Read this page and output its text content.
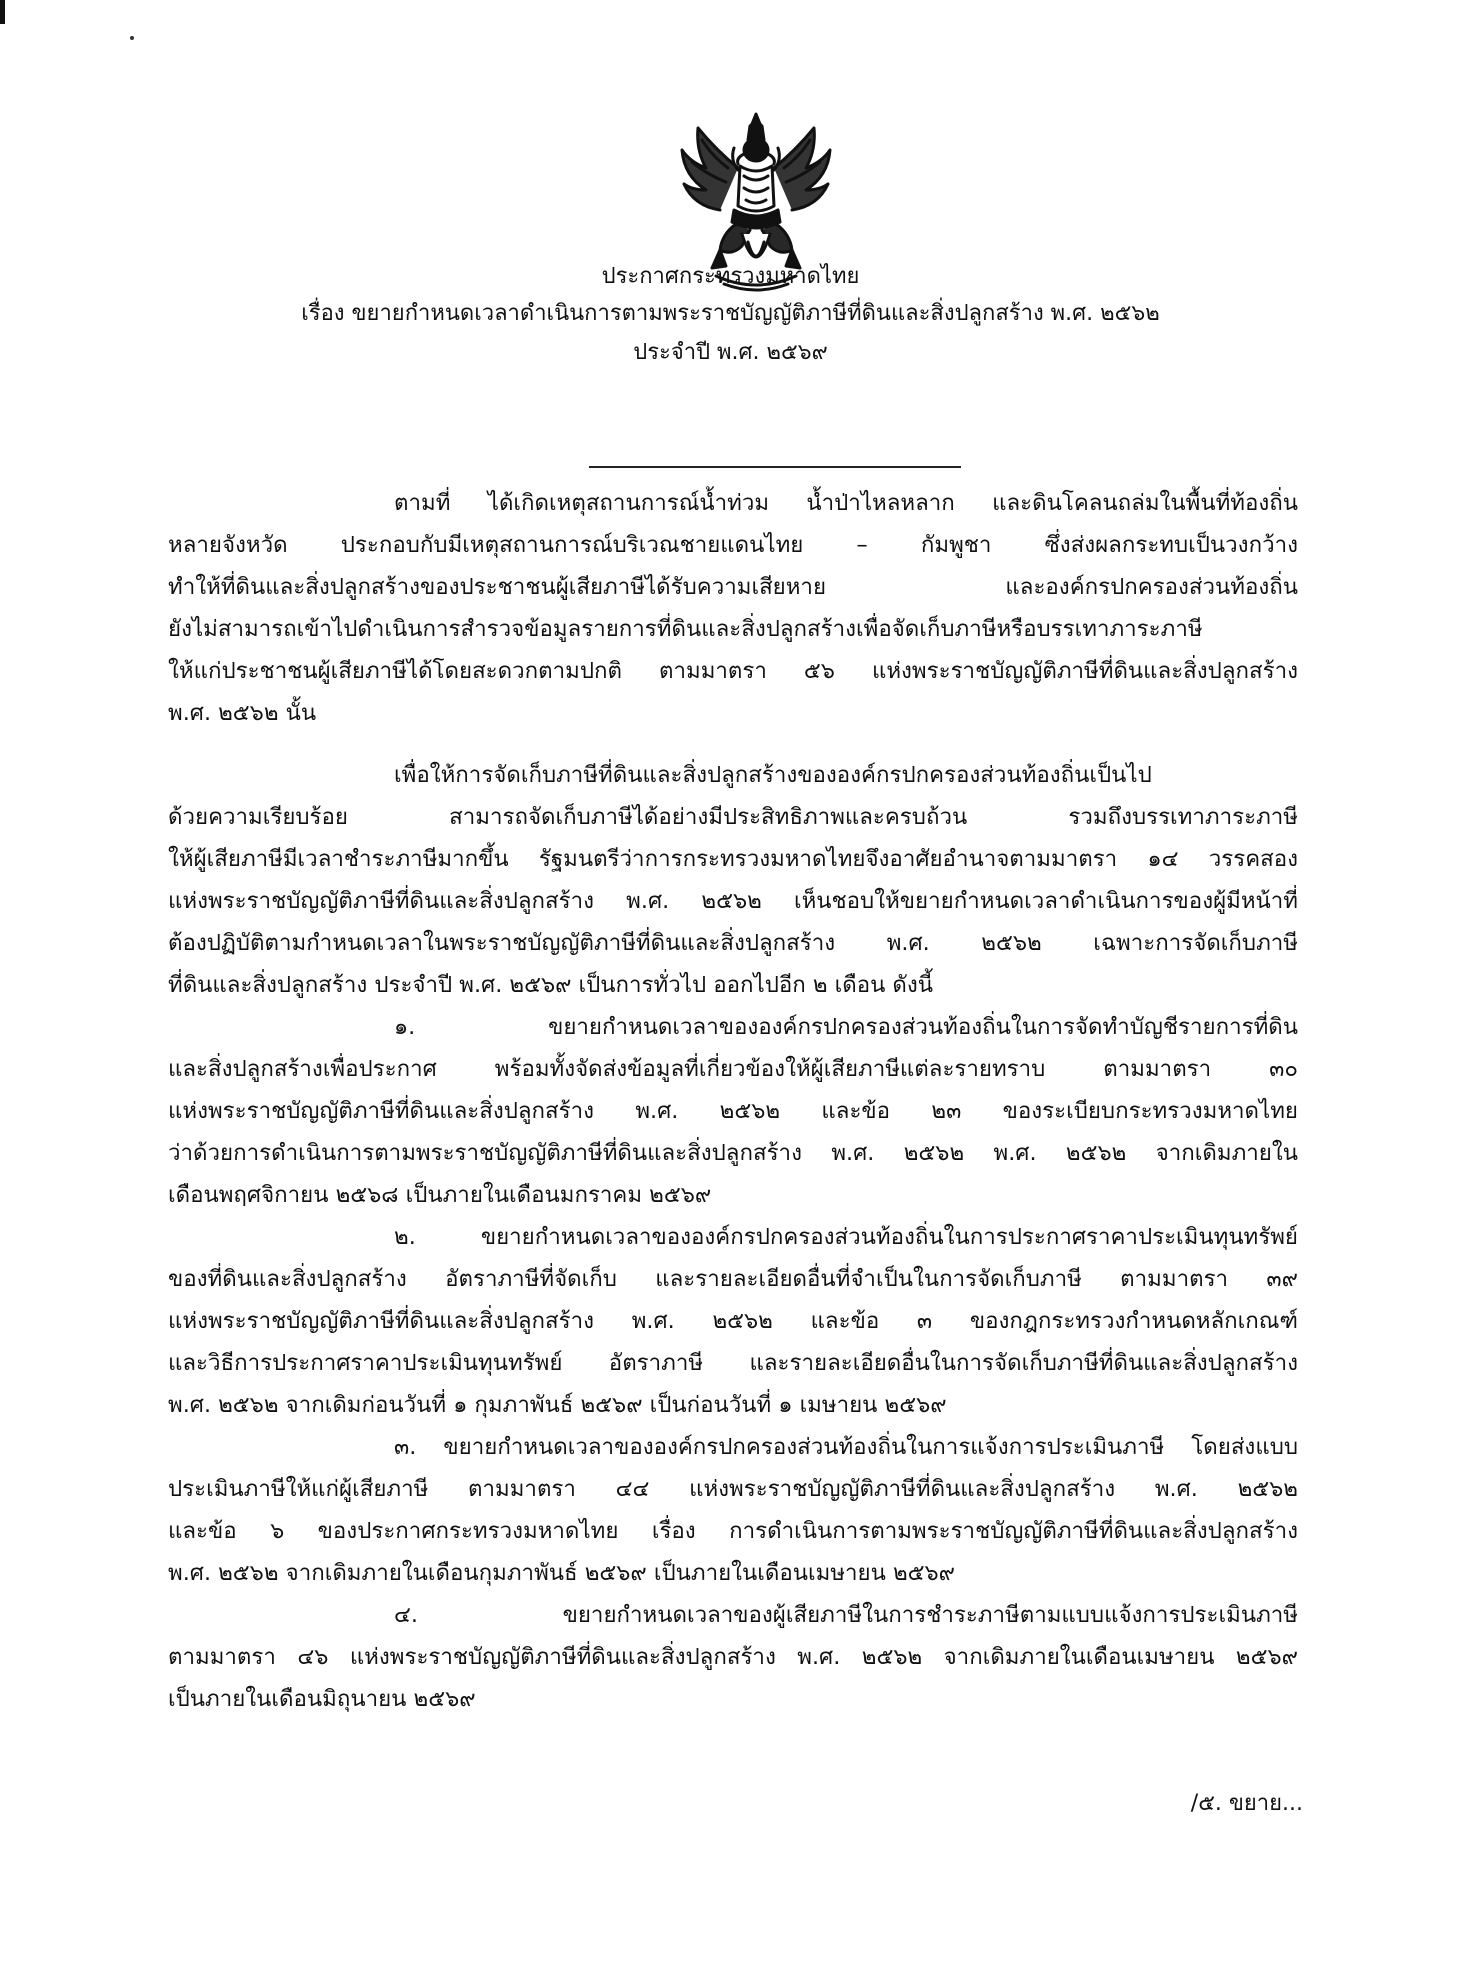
ประกาศกระทรวงมหาดไทย
เรื่อง ขยายกำหนดเวลาดำเนินการตามพระราชบัญญัติภาษีที่ดินและสิ่งปลูกสร้าง พ.ศ. ๒๕๖๒
ประจำปี พ.ศ. ๒๕๖๙
ตามที่ ได้เกิดเหตุสถานการณ์น้ำท่วม น้ำป่าไหลหลาก และดินโคลนถล่มในพื้นที่ท้องถิ่น
หลายจังหวัด ประกอบกับมีเหตุสถานการณ์บริเวณชายแดนไทย – กัมพูชา ซึ่งส่งผลกระทบเป็นวงกว้าง
ทำให้ที่ดินและสิ่งปลูกสร้างของประชาชนผู้เสียภาษีได้รับความเสียหาย และองค์กรปกครองส่วนท้องถิ่น
ยังไม่สามารถเข้าไปดำเนินการสำรวจข้อมูลรายการที่ดินและสิ่งปลูกสร้างเพื่อจัดเก็บภาษีหรือบรรเทาภาระภาษี
ให้แก่ประชาชนผู้เสียภาษีได้โดยสะดวกตามปกติ ตามมาตรา ๕๖ แห่งพระราชบัญญัติภาษีที่ดินและสิ่งปลูกสร้าง
พ.ศ. ๒๕๖๒ นั้น
เพื่อให้การจัดเก็บภาษีที่ดินและสิ่งปลูกสร้างขององค์กรปกครองส่วนท้องถิ่นเป็นไป
ด้วยความเรียบร้อย สามารถจัดเก็บภาษีได้อย่างมีประสิทธิภาพและครบถ้วน รวมถึงบรรเทาภาระภาษี
ให้ผู้เสียภาษีมีเวลาชำระภาษีมากขึ้น รัฐมนตรีว่าการกระทรวงมหาดไทยจึงอาศัยอำนาจตามมาตรา ๑๔ วรรคสอง
แห่งพระราชบัญญัติภาษีที่ดินและสิ่งปลูกสร้าง พ.ศ. ๒๕๖๒ เห็นชอบให้ขยายกำหนดเวลาดำเนินการของผู้มีหน้าที่
ต้องปฏิบัติตามกำหนดเวลาในพระราชบัญญัติภาษีที่ดินและสิ่งปลูกสร้าง พ.ศ. ๒๕๖๒ เฉพาะการจัดเก็บภาษี
ที่ดินและสิ่งปลูกสร้าง ประจำปี พ.ศ. ๒๕๖๙ เป็นการทั่วไป ออกไปอีก ๒ เดือน ดังนี้
๑. ขยายกำหนดเวลาขององค์กรปกครองส่วนท้องถิ่นในการจัดทำบัญชีรายการที่ดิน
และสิ่งปลูกสร้างเพื่อประกาศ พร้อมทั้งจัดส่งข้อมูลที่เกี่ยวข้องให้ผู้เสียภาษีแต่ละรายทราบ ตามมาตรา ๓๐
แห่งพระราชบัญญัติภาษีที่ดินและสิ่งปลูกสร้าง พ.ศ. ๒๕๖๒ และข้อ ๒๓ ของระเบียบกระทรวงมหาดไทย
ว่าด้วยการดำเนินการตามพระราชบัญญัติภาษีที่ดินและสิ่งปลูกสร้าง พ.ศ. ๒๕๖๒ พ.ศ. ๒๕๖๒ จากเดิมภายใน
เดือนพฤศจิกายน ๒๕๖๘ เป็นภายในเดือนมกราคม ๒๕๖๙
๒. ขยายกำหนดเวลาขององค์กรปกครองส่วนท้องถิ่นในการประกาศราคาประเมินทุนทรัพย์
ของที่ดินและสิ่งปลูกสร้าง อัตราภาษีที่จัดเก็บ และรายละเอียดอื่นที่จำเป็นในการจัดเก็บภาษี ตามมาตรา ๓๙
แห่งพระราชบัญญัติภาษีที่ดินและสิ่งปลูกสร้าง พ.ศ. ๒๕๖๒ และข้อ ๓ ของกฎกระทรวงกำหนดหลักเกณฑ์
และวิธีการประกาศราคาประเมินทุนทรัพย์ อัตราภาษี และรายละเอียดอื่นในการจัดเก็บภาษีที่ดินและสิ่งปลูกสร้าง
พ.ศ. ๒๕๖๒ จากเดิมก่อนวันที่ ๑ กุมภาพันธ์ ๒๕๖๙ เป็นก่อนวันที่ ๑ เมษายน ๒๕๖๙
๓. ขยายกำหนดเวลาขององค์กรปกครองส่วนท้องถิ่นในการแจ้งการประเมินภาษี โดยส่งแบบ
ประเมินภาษีให้แก่ผู้เสียภาษี ตามมาตรา ๔๔ แห่งพระราชบัญญัติภาษีที่ดินและสิ่งปลูกสร้าง พ.ศ. ๒๕๖๒
และข้อ ๖ ของประกาศกระทรวงมหาดไทย เรื่อง การดำเนินการตามพระราชบัญญัติภาษีที่ดินและสิ่งปลูกสร้าง
พ.ศ. ๒๕๖๒ จากเดิมภายในเดือนกุมภาพันธ์ ๒๕๖๙ เป็นภายในเดือนเมษายน ๒๕๖๙
๔. ขยายกำหนดเวลาของผู้เสียภาษีในการชำระภาษีตามแบบแจ้งการประเมินภาษี
ตามมาตรา ๔๖ แห่งพระราชบัญญัติภาษีที่ดินและสิ่งปลูกสร้าง พ.ศ. ๒๕๖๒ จากเดิมภายในเดือนเมษายน ๒๕๖๙
เป็นภายในเดือนมิถุนายน ๒๕๖๙
/๕. ขยาย...
